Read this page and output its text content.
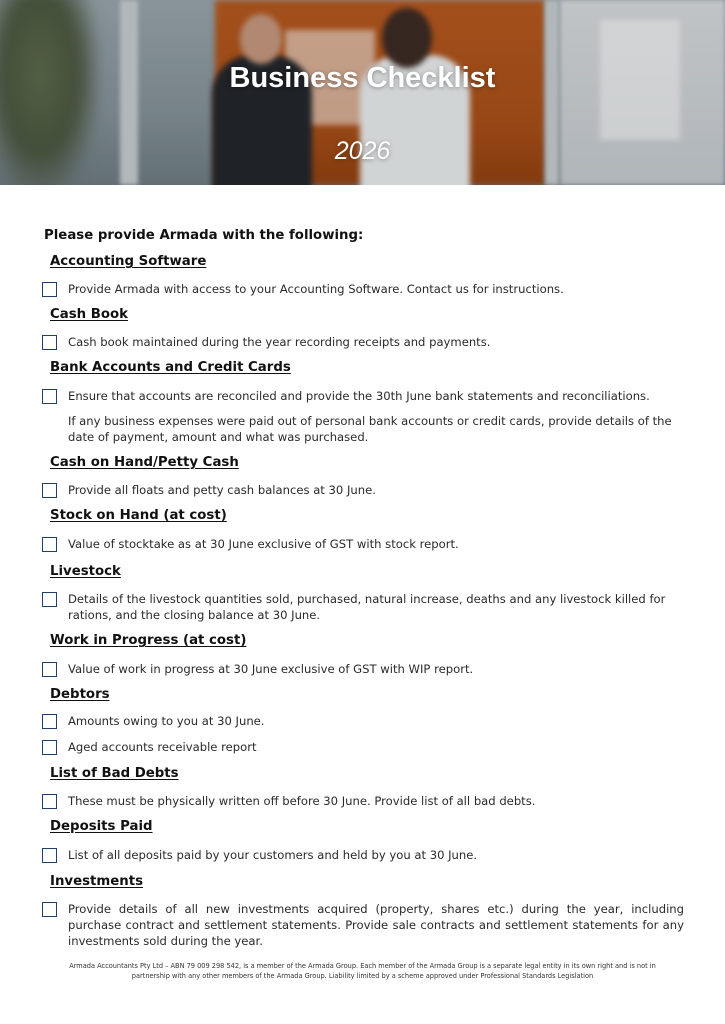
Business Checklist
2026
Please provide Armada with the following:
Accounting Software
Provide Armada with access to your Accounting Software. Contact us for instructions.
Cash Book
Cash book maintained during the year recording receipts and payments.
Bank Accounts and Credit Cards
Ensure that accounts are reconciled and provide the 30th June bank statements and reconciliations.
If any business expenses were paid out of personal bank accounts or credit cards, provide details of the date of payment, amount and what was purchased.
Cash on Hand/Petty Cash
Provide all floats and petty cash balances at 30 June.
Stock on Hand (at cost)
Value of stocktake as at 30 June exclusive of GST with stock report.
Livestock
Details of the livestock quantities sold, purchased, natural increase, deaths and any livestock killed for rations, and the closing balance at 30 June.
Work in Progress (at cost)
Value of work in progress at 30 June exclusive of GST with WIP report.
Debtors
Amounts owing to you at 30 June.
Aged accounts receivable report
List of Bad Debts
These must be physically written off before 30 June. Provide list of all bad debts.
Deposits Paid
List of all deposits paid by your customers and held by you at 30 June.
Investments
Provide details of all new investments acquired (property, shares etc.) during the year, including purchase contract and settlement statements. Provide sale contracts and settlement statements for any investments sold during the year.
Armada Accountants Pty Ltd – ABN 79 009 298 542, is a member of the Armada Group. Each member of the Armada Group is a separate legal entity in its own right and is not in partnership with any other members of the Armada Group. Liability limited by a scheme approved under Professional Standards Legislation
